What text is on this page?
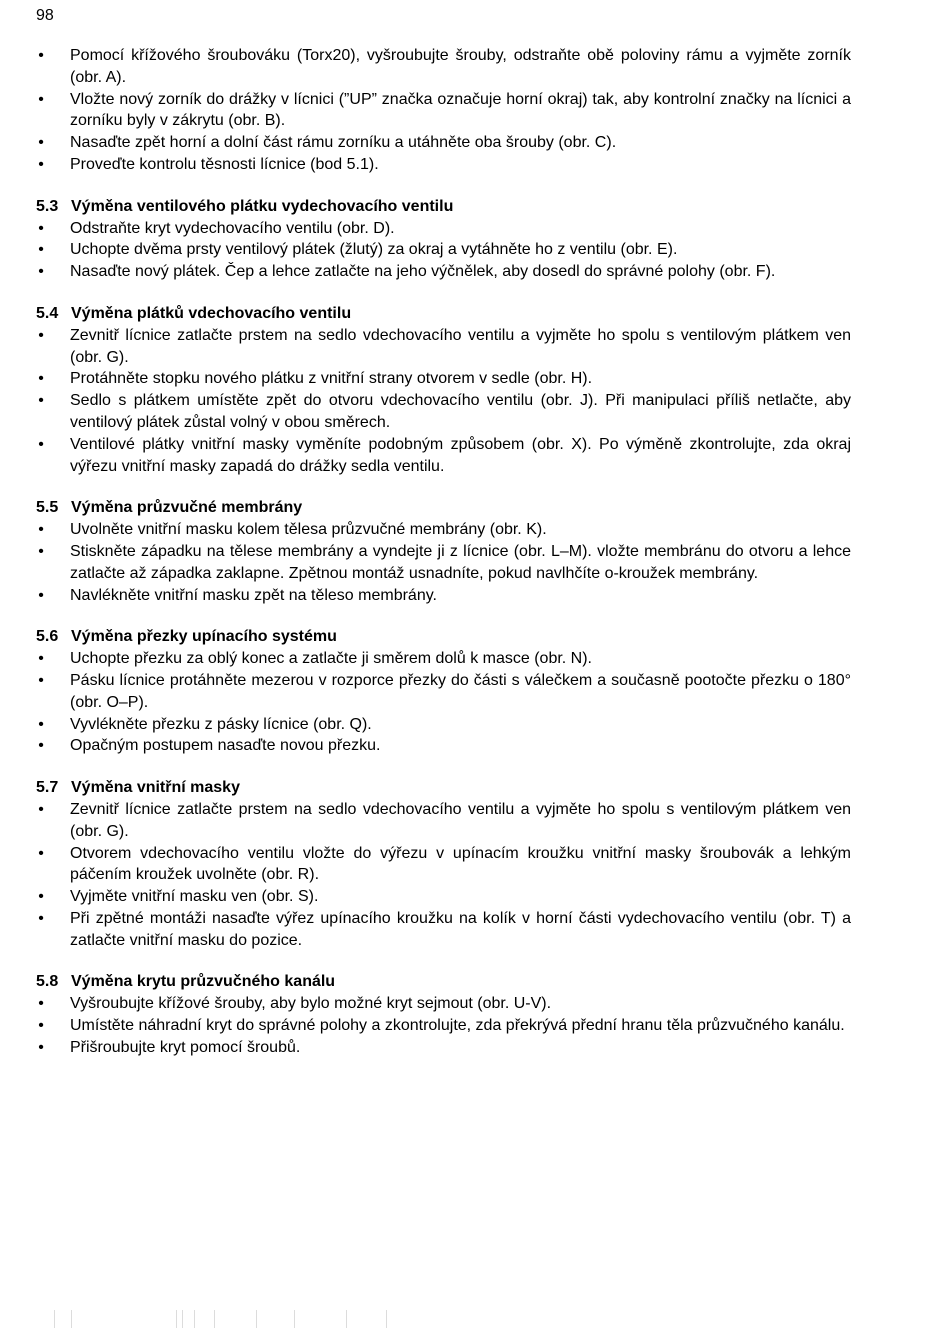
98
• Pomocí křížového šroubováku (Torx20), vyšroubujte šrouby, odstraňte obě poloviny rámu a vyjměte zorník (obr. A).
• Vložte nový zorník do drážky v lícnici (”UP” značka označuje horní okraj) tak, aby kontrolní značky na lícnici a zorníku byly v zákrytu (obr. B).
• Nasaďte zpět horní a dolní část rámu zorníku a utáhněte oba šrouby (obr. C).
• Proveďte kontrolu těsnosti lícnice (bod 5.1).
5.3 Výměna ventilového plátku vydechovacího ventilu
• Odstraňte kryt vydechovacího ventilu (obr. D).
• Uchopte dvěma prsty ventilový plátek (žlutý) za okraj a vytáhněte ho z ventilu (obr. E).
• Nasaďte nový plátek. Čep a lehce zatlačte na jeho výčnělek, aby dosedl do správné polohy (obr. F).
5.4 Výměna plátků vdechovacího ventilu
• Zevnitř lícnice zatlačte prstem na sedlo vdechovacího ventilu a vyjměte ho spolu s ventilovým plátkem ven (obr. G).
• Protáhněte stopku nového plátku z vnitřní strany otvorem v sedle (obr. H).
• Sedlo s plátkem umístěte zpět do otvoru vdechovacího ventilu (obr. J). Při manipulaci příliš netlačte, aby ventilový plátek zůstal volný v obou směrech.
• Ventilové plátky vnitřní masky vyměníte podobným způsobem (obr. X). Po výměně zkontrolujte, zda okraj výřezu vnitřní masky zapadá do drážky sedla ventilu.
5.5 Výměna průzvučné membrány
• Uvolněte vnitřní masku kolem tělesa průzvučné membrány (obr. K).
• Stiskněte západku na tělese membrány a vyndejte ji z lícnice (obr. L–M). vložte membránu do otvoru a lehce zatlačte až západka zaklapne. Zpětnou montáž usnadníte, pokud navlhčíte o-kroužek membrány.
• Navlékněte vnitřní masku zpět na těleso membrány.
5.6 Výměna přezky upínacího systému
• Uchopte přezku za oblý konec a zatlačte ji směrem dolů k masce (obr. N).
• Pásku lícnice protáhněte mezerou v rozporce přezky do části s válečkem a současně pootočte přezku o 180° (obr. O–P).
• Vyvlékněte přezku z pásky lícnice (obr. Q).
• Opačným postupem nasaďte novou přezku.
5.7 Výměna vnitřní masky
• Zevnitř lícnice zatlačte prstem na sedlo vdechovacího ventilu a vyjměte ho spolu s ventilovým plátkem ven (obr. G).
• Otvorem vdechovacího ventilu vložte do výřezu v upínacím kroužku vnitřní masky šroubovák a lehkým páčením kroužek uvolněte (obr. R).
• Vyjměte vnitřní masku ven (obr. S).
• Při zpětné montáži nasaďte výřez upínacího kroužku na kolík v horní části vydechovacího ventilu (obr. T) a zatlačte vnitřní masku do pozice.
5.8 Výměna krytu průzvučného kanálu
• Vyšroubujte křížové šrouby, aby bylo možné kryt sejmout (obr. U-V).
• Umístěte náhradní kryt do správné polohy a zkontrolujte, zda překrývá přední hranu těla průzvučného kanálu.
• Přišroubujte kryt pomocí šroubů.
